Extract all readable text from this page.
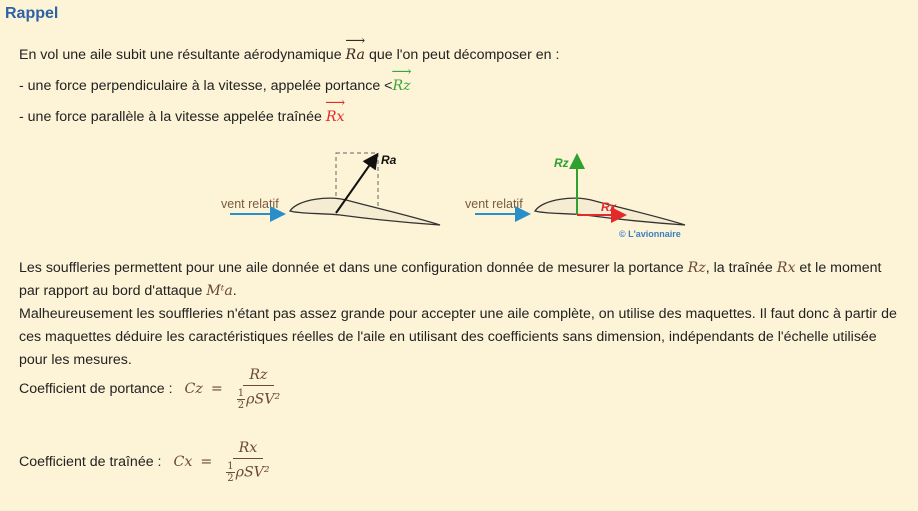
Rappel
En vol une aile subit une résultante aérodynamique ⟶ Ra que l'on peut décomposer en :
- une force perpendiculaire à la vitesse, appelée portance <⟶ Rz
- une force parallèle à la vitesse appelée traînée ⟶ Rx
Ra
vent relatif
Rz
Rx
vent relatif
© L'avionnaire
Les souffleries permettent pour une aile donnée et dans une configuration donnée de mesurer la portance Rz, la traînée Rx et le moment par rapport au bord d'attaque Mᵗa.
Malheureusement les souffleries n'étant pas assez grande pour accepter une aile complète, on utilise des maquettes. Il faut donc à partir de ces maquettes déduire les caractéristiques réelles de l'aile en utilisant des coefficients sans dimension, indépendants de l'échelle utilisée pour les mesures.
Coefficient de portance : $Cz = \frac{Rz}{\frac{1}{2} \rho SV^2}$
Coefficient de traînée : $Cx = \frac{Rx}{\frac{1}{2} \rho SV^2}$
